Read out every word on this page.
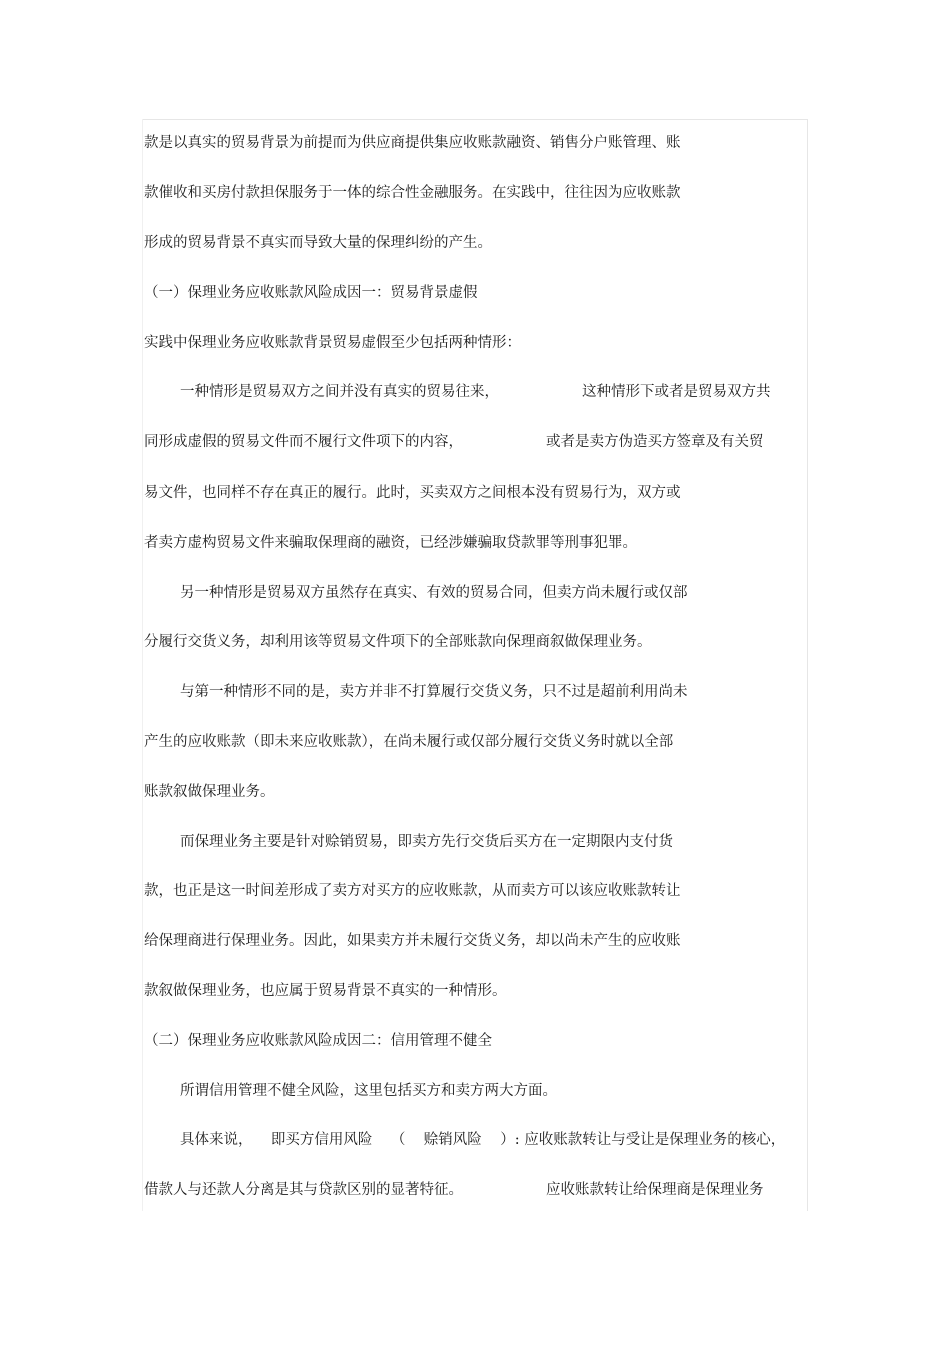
款是以真实的贸易背景为前提而为供应商提供集应收账款融资、销售分户账管理、账
款催收和买房付款担保服务于一体的综合性金融服务。在实践中，往往因为应收账款
形成的贸易背景不真实而导致大量的保理纠纷的产生。
（一）保理业务应收账款风险成因一：贸易背景虚假
实践中保理业务应收账款背景贸易虚假至少包括两种情形：
一种情形是贸易双方之间并没有真实的贸易往来，                  这种情形下或者是贸易双方共
同形成虚假的贸易文件而不履行文件项下的内容，                  或者是卖方伪造买方签章及有关贸
易文件，也同样不存在真正的履行。此时，买卖双方之间根本没有贸易行为，双方或
者卖方虚构贸易文件来骗取保理商的融资，已经涉嫌骗取贷款罪等刑事犯罪。
另一种情形是贸易双方虽然存在真实、有效的贸易合同，但卖方尚未履行或仅部
分履行交货义务，却利用该等贸易文件项下的全部账款向保理商叙做保理业务。
与第一种情形不同的是，卖方并非不打算履行交货义务，只不过是超前利用尚未
产生的应收账款（即未来应收账款），在尚未履行或仅部分履行交货义务时就以全部
账款叙做保理业务。
而保理业务主要是针对赊销贸易，即卖方先行交货后买方在一定期限内支付货
款，也正是这一时间差形成了卖方对买方的应收账款，从而卖方可以该应收账款转让
给保理商进行保理业务。因此，如果卖方并未履行交货义务，却以尚未产生的应收账
款叙做保理业务，也应属于贸易背景不真实的一种情形。
（二）保理业务应收账款风险成因二：信用管理不健全
所谓信用管理不健全风险，这里包括买方和卖方两大方面。
具体来说，    即买方信用风险    （    赊销风险    ）: 应收账款转让与受让是保理业务的核心，
借款人与还款人分离是其与贷款区别的显著特征。                  应收账款转让给保理商是保理业务
